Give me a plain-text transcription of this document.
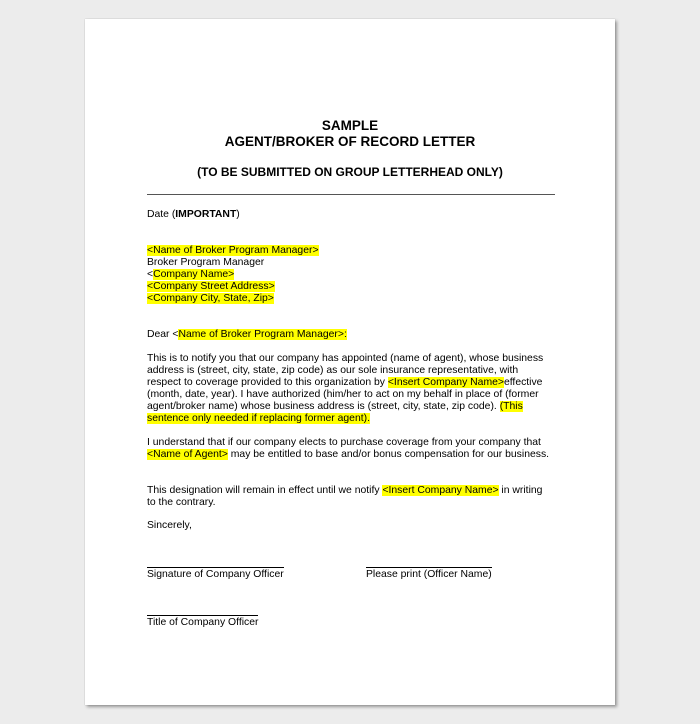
SAMPLE
AGENT/BROKER OF RECORD LETTER
(TO BE SUBMITTED ON GROUP LETTERHEAD ONLY)
Date (IMPORTANT)
<Name of Broker Program Manager>
Broker Program Manager
<Company Name>
<Company Street Address>
<Company City, State, Zip>
Dear <Name of Broker Program Manager>:
This is to notify you that our company has appointed (name of agent), whose business
address is (street, city, state, zip code) as our sole insurance representative, with
respect to coverage provided to this organization by <Insert Company Name>effective
(month, date, year). I have authorized (him/her to act on my behalf in place of (former
agent/broker name) whose business address is (street, city, state, zip code). (This
sentence only needed if replacing former agent).
I understand that if our company elects to purchase coverage from your company that
<Name of Agent> may be entitled to base and/or bonus compensation for our business.
This designation will remain in effect until we notify <Insert Company Name> in writing
to the contrary.
Sincerely,
Signature of Company Officer	Please print (Officer Name)
Title of Company Officer
